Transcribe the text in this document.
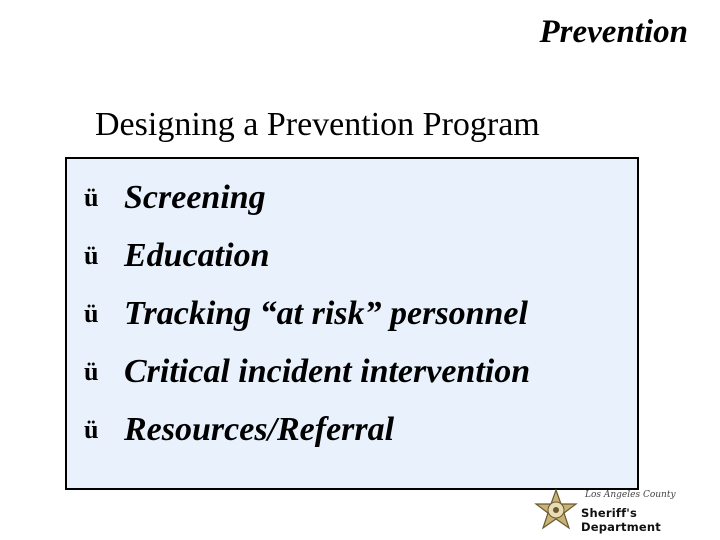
Prevention
Designing a Prevention Program
ü Screening
ü Education
ü Tracking “at risk” personnel
ü Critical incident intervention
ü Resources/Referral
Los Angeles County
Sheriff's Department
